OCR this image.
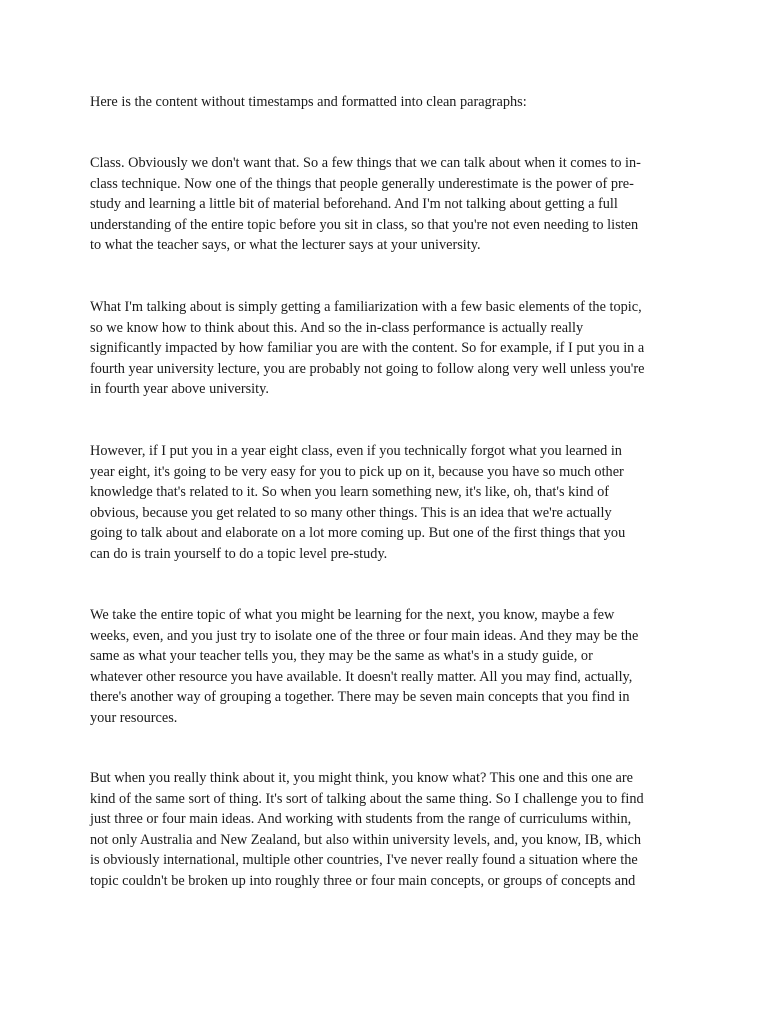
Here is the content without timestamps and formatted into clean paragraphs:

Class. Obviously we don't want that. So a few things that we can talk about when it comes to in-
class technique. Now one of the things that people generally underestimate is the power of pre-
study and learning a little bit of material beforehand. And I'm not talking about getting a full
understanding of the entire topic before you sit in class, so that you're not even needing to listen
to what the teacher says, or what the lecturer says at your university.

What I'm talking about is simply getting a familiarization with a few basic elements of the topic,
so we know how to think about this. And so the in-class performance is actually really
significantly impacted by how familiar you are with the content. So for example, if I put you in a
fourth year university lecture, you are probably not going to follow along very well unless you're
in fourth year above university.

However, if I put you in a year eight class, even if you technically forgot what you learned in
year eight, it's going to be very easy for you to pick up on it, because you have so much other
knowledge that's related to it. So when you learn something new, it's like, oh, that's kind of
obvious, because you get related to so many other things. This is an idea that we're actually
going to talk about and elaborate on a lot more coming up. But one of the first things that you
can do is train yourself to do a topic level pre-study.

We take the entire topic of what you might be learning for the next, you know, maybe a few
weeks, even, and you just try to isolate one of the three or four main ideas. And they may be the
same as what your teacher tells you, they may be the same as what's in a study guide, or
whatever other resource you have available. It doesn't really matter. All you may find, actually,
there's another way of grouping a together. There may be seven main concepts that you find in
your resources.

But when you really think about it, you might think, you know what? This one and this one are
kind of the same sort of thing. It's sort of talking about the same thing. So I challenge you to find
just three or four main ideas. And working with students from the range of curriculums within,
not only Australia and New Zealand, but also within university levels, and, you know, IB, which
is obviously international, multiple other countries, I've never really found a situation where the
topic couldn't be broken up into roughly three or four main concepts, or groups of concepts and
